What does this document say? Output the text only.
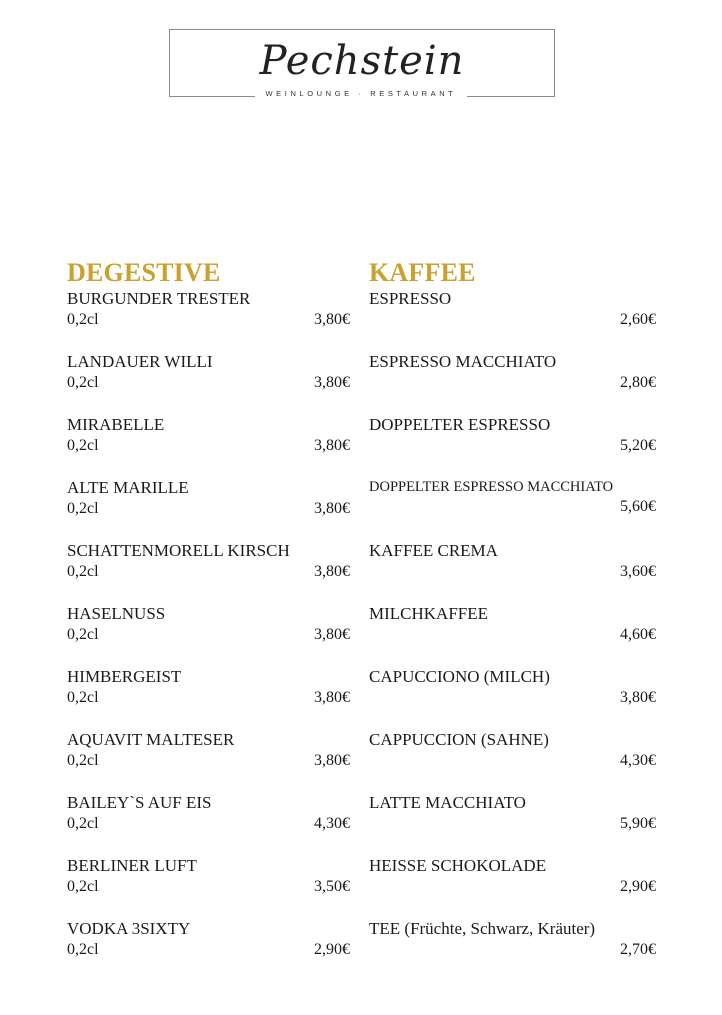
Pechstein
WEINLOUNGE · RESTAURANT
DEGESTIVE
BURGUNDER TRESTER
0,2cl	3,80€
LANDAUER WILLI
0,2cl	3,80€
MIRABELLE
0,2cl	3,80€
ALTE MARILLE
0,2cl	3,80€
SCHATTENMORELL KIRSCH
0,2cl	3,80€
HASELNUSS
0,2cl	3,80€
HIMBERGEIST
0,2cl	3,80€
AQUAVIT MALTESER
0,2cl	3,80€
BAILEY`S AUF EIS
0,2cl	4,30€
BERLINER LUFT
0,2cl	3,50€
VODKA 3SIXTY
0,2cl	2,90€
KAFFEE
ESPRESSO
2,60€
ESPRESSO MACCHIATO
2,80€
DOPPELTER ESPRESSO
5,20€
DOPPELTER ESPRESSO MACCHIATO
5,60€
KAFFEE CREMA
3,60€
MILCHKAFFEE
4,60€
CAPUCCIONO (MILCH)
3,80€
CAPPUCCION (SAHNE)
4,30€
LATTE MACCHIATO
5,90€
HEISSE SCHOKOLADE
2,90€
TEE (Früchte, Schwarz, Kräuter)
2,70€
